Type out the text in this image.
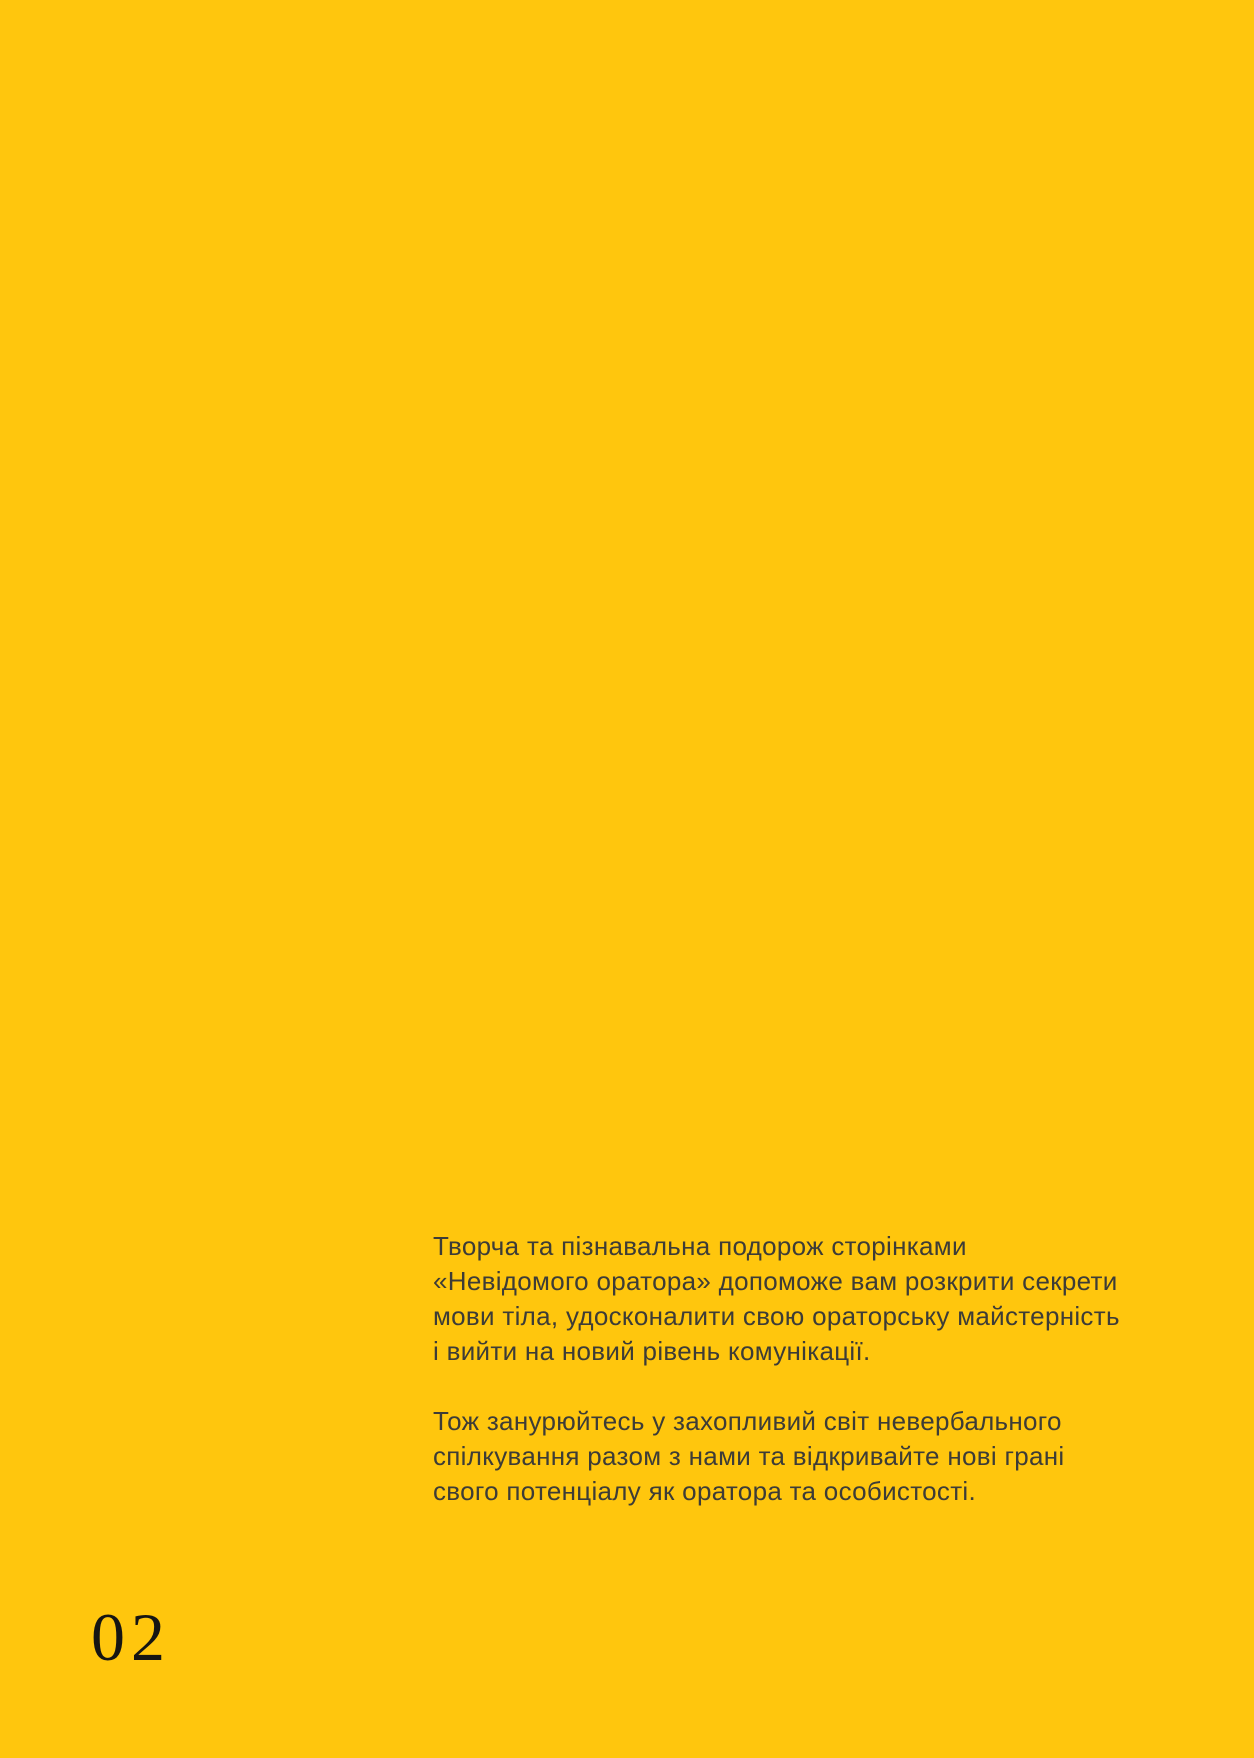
Творча та пізнавальна подорож сторінками
«Невідомого оратора» допоможе вам розкрити секрети
мови тіла, удосконалити свою ораторську майстерність
і вийти на новий рівень комунікації.

Тож занурюйтесь у захопливий світ невербального
спілкування разом з нами та відкривайте нові грані
свого потенціалу як оратора та особистості.

02
